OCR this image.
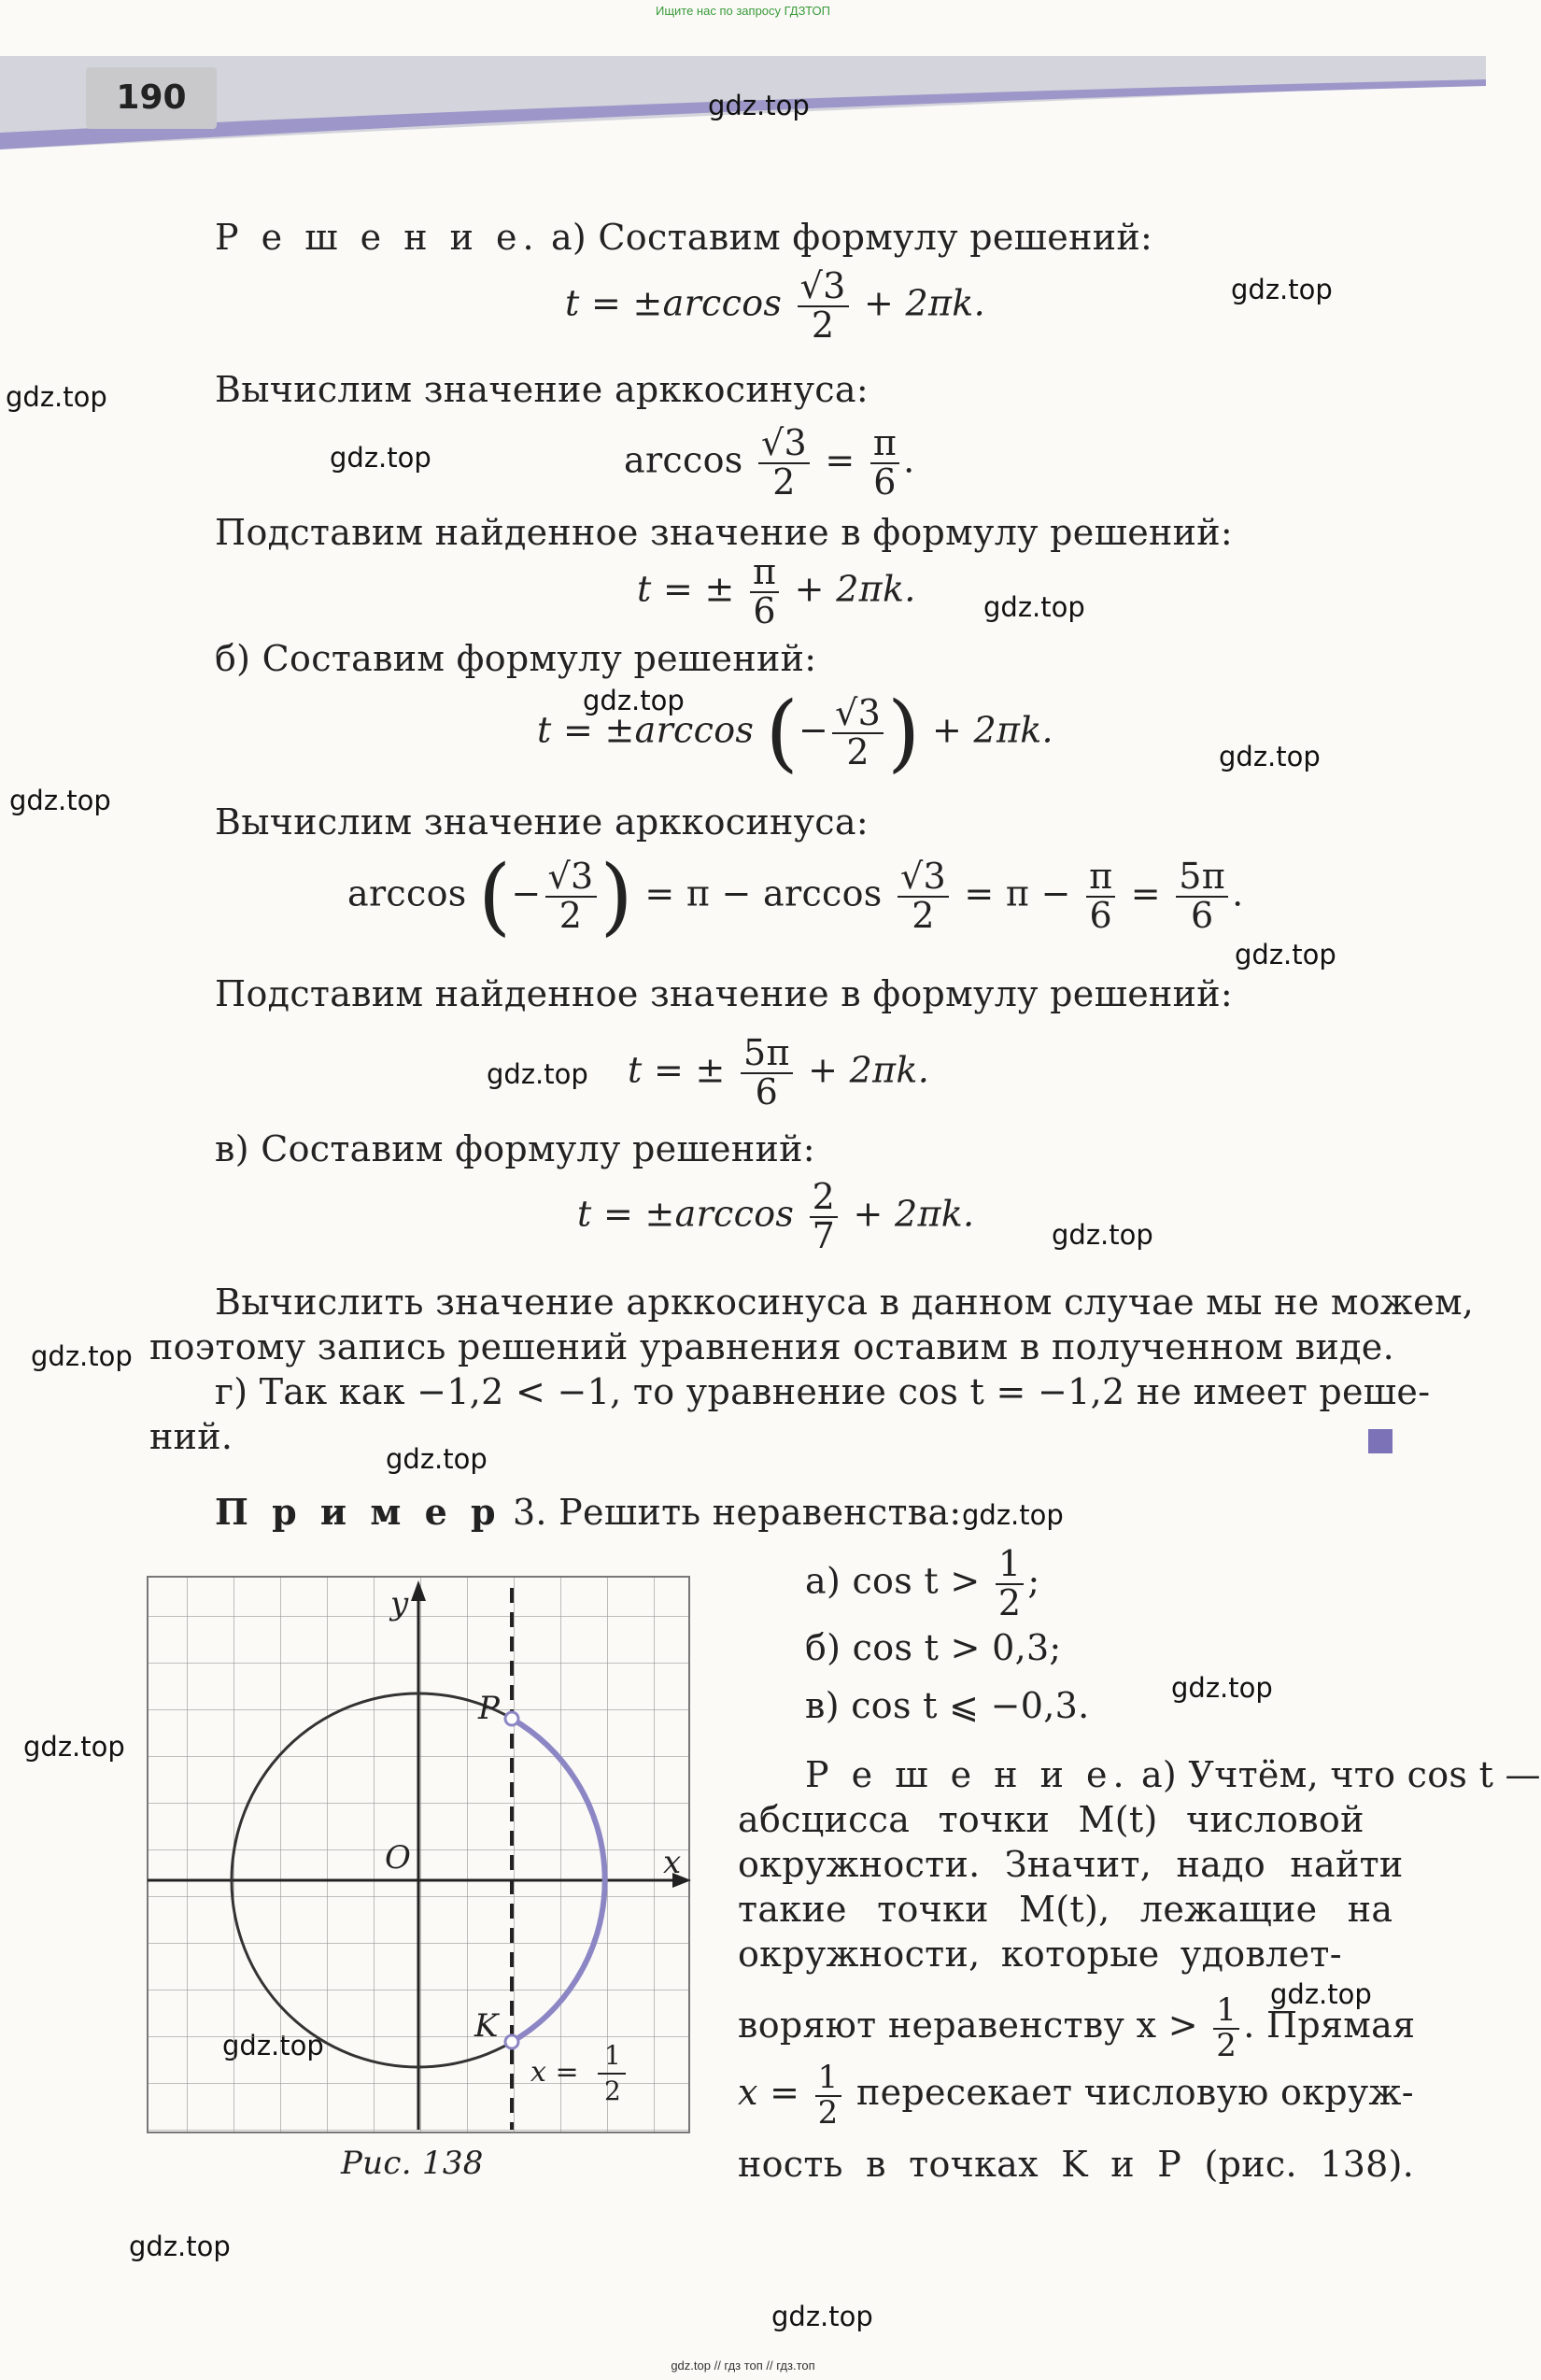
Ищите нас по запросу ГДЗТОП
190	gdz.top
gdz.top
gdz.top
gdz.top
gdz.top
gdz.top
gdz.top
gdz.top
gdz.top
gdz.top
gdz.top
gdz.top
gdz.top
gdz.top
gdz.top
gdz.top
gdz.top
gdz.top
gdz.top
Р е ш е н и е. а) Составим формулу решений:
$t = \pm\arccos \frac{√3}{2} + 2\pi k$.
Вычислим значение арккосинуса:
$\arccos \frac{√3}{2} = \frac{\pi}{6}$ .
Подставим найденное значение в формулу решений:
t = ± $\frac{\pi}{6} + 2\pi k$.
б) Составим формулу решений:
t = ±arccos (− $\frac{√3}{2}$ ) + 2πk.
Вычислим значение арккосинуса:
arccos (− $\frac{√3}{2}$ ) = $\pi - \arccos \frac{√3}{2} = \pi - \frac{\pi}{6} = \frac{5\pi}{6}$ .
Подставим найденное значение в формулу решений:
t = ± $\frac{5\pi}{6} + 2\pi k$.
в) Составим формулу решений:
$t = \pm\arccos \frac{2}{7} + 2\pi k$.
Вычислить значение арккосинуса в данном случае мы не можем,
поэтому запись решений уравнения оставим в полученном виде.
г) Так как −1,2 < −1, то уравнение cos t = −1,2 не имеет реше-
ний.
П р и м е р 3. Решить неравенства:
а) $\cos t > \frac{1}{2}$ ;
б) cos t > 0,3;
в) cos t ⩽ −0,3.
Р е ш е н и е. а) Учтём, что cos t —
абсцисса точки M(t) числовой
окружности. Значит, надо найти
такие точки M(t), лежащие на
окружности, которые удовлет-
воряют неравенству $x > \frac{1}{2}$ . Прямая
$x = \frac{1}{2}$ пересекает числовую окруж-
ность в точках K и P (рис. 138).
y
x
O
P
K
x =
1
2
Рис. 138
gdz.top // гдз топ // гдз.топ
